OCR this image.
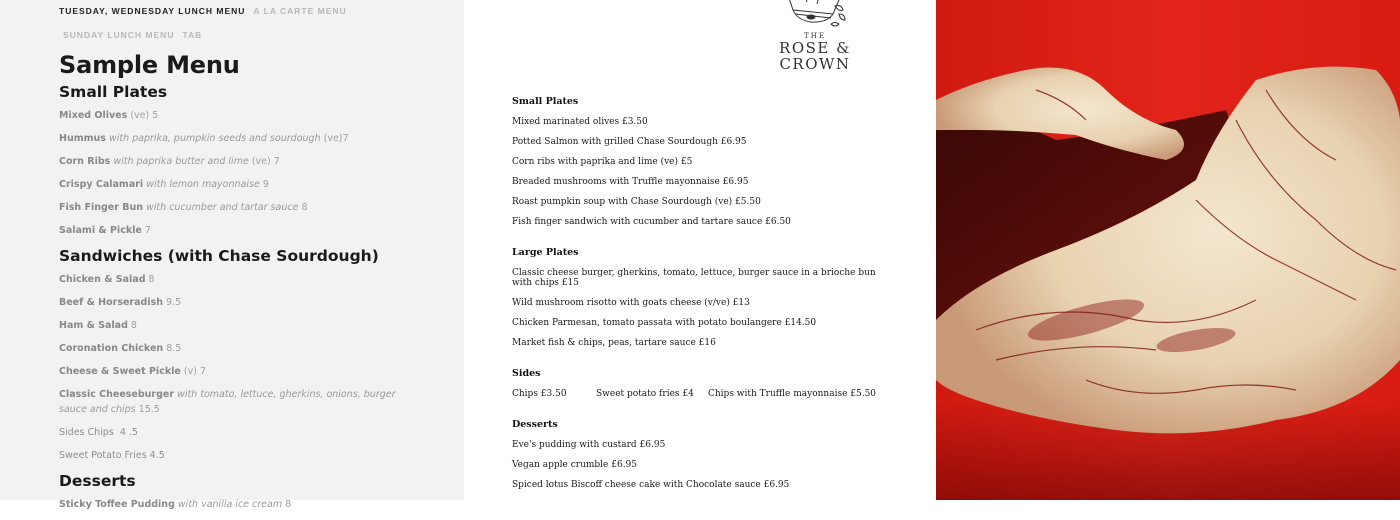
TUESDAY, WEDNESDAY LUNCH MENU A LA CARTE MENU
SUNDAY LUNCH MENU TAB
Sample Menu
Small Plates
Mixed Olives (ve) 5
Hummus with paprika, pumpkin seeds and sourdough (ve)7
Corn Ribs with paprika butter and lime (ve) 7
Crispy Calamari with lemon mayonnaise 9
Fish Finger Bun with cucumber and tartar sauce 8
Salami & Pickle 7
Sandwiches (with Chase Sourdough)
Chicken & Salad 8
Beef & Horseradish 9.5
Ham & Salad 8
Coronation Chicken 8.5
Cheese & Sweet Pickle (v) 7
Classic Cheeseburger with tomato, lettuce, gherkins, onions, burger sauce and chips 15.5
Sides Chips  4 .5
Sweet Potato Fries 4.5
Desserts
Sticky Toffee Pudding with vanilla ice cream 8
THE
ROSE &
CROWN
Small Plates
Mixed marinated olives £3.50
Potted Salmon with grilled Chase Sourdough £6.95
Corn ribs with paprika and lime (ve) £5
Breaded mushrooms with Truffle mayonnaise £6.95
Roast pumpkin soup with Chase Sourdough (ve) £5.50
Fish finger sandwich with cucumber and tartare sauce £6.50
Large Plates
Classic cheese burger, gherkins, tomato, lettuce, burger sauce in a brioche bun with chips £15
Wild mushroom risotto with goats cheese (v/ve) £13
Chicken Parmesan, tomato passata with potato boulangere £14.50
Market fish & chips, peas, tartare sauce £16
Sides
Chips £3.50	Sweet potato fries £4	Chips with Truffle mayonnaise £5.50
Desserts
Eve's pudding with custard £6.95
Vegan apple crumble £6.95
Spiced lotus Biscoff cheese cake with Chocolate sauce £6.95
